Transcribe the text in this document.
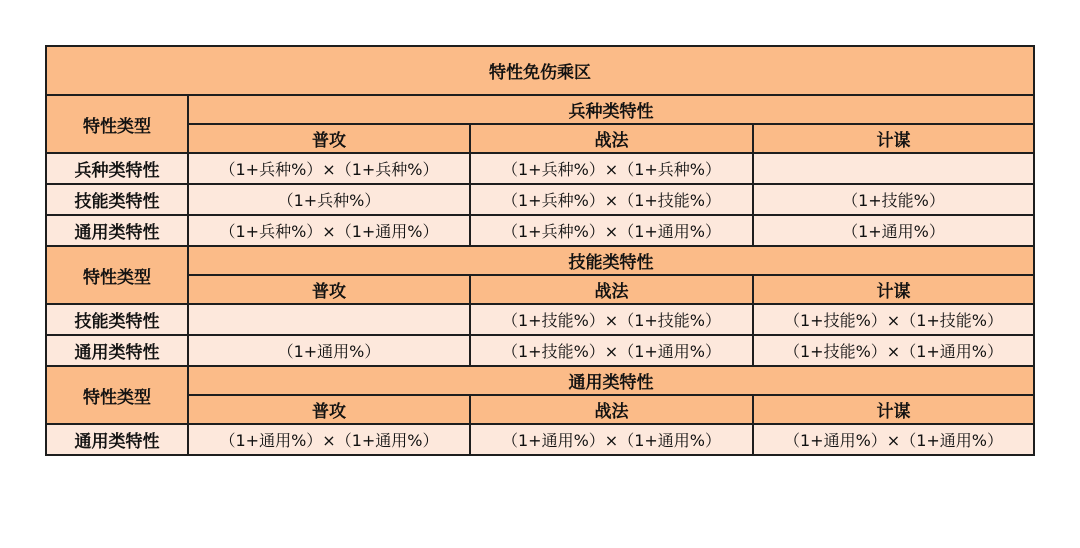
特性免伤乘区			
特性类型	兵种类特性		
	普攻	战法	计谋
兵种类特性	（1+兵种%）×（1+兵种%）	（1+兵种%）×（1+兵种%）	
技能类特性	（1+兵种%）	（1+兵种%）×（1+技能%）	（1+技能%）
通用类特性	（1+兵种%）×（1+通用%）	（1+兵种%）×（1+通用%）	（1+通用%）
特性类型	技能类特性		
	普攻	战法	计谋
技能类特性		（1+技能%）×（1+技能%）	（1+技能%）×（1+技能%）
通用类特性	（1+通用%）	（1+技能%）×（1+通用%）	（1+技能%）×（1+通用%）
特性类型	通用类特性		
	普攻	战法	计谋
通用类特性	（1+通用%）×（1+通用%）	（1+通用%）×（1+通用%）	（1+通用%）×（1+通用%）
